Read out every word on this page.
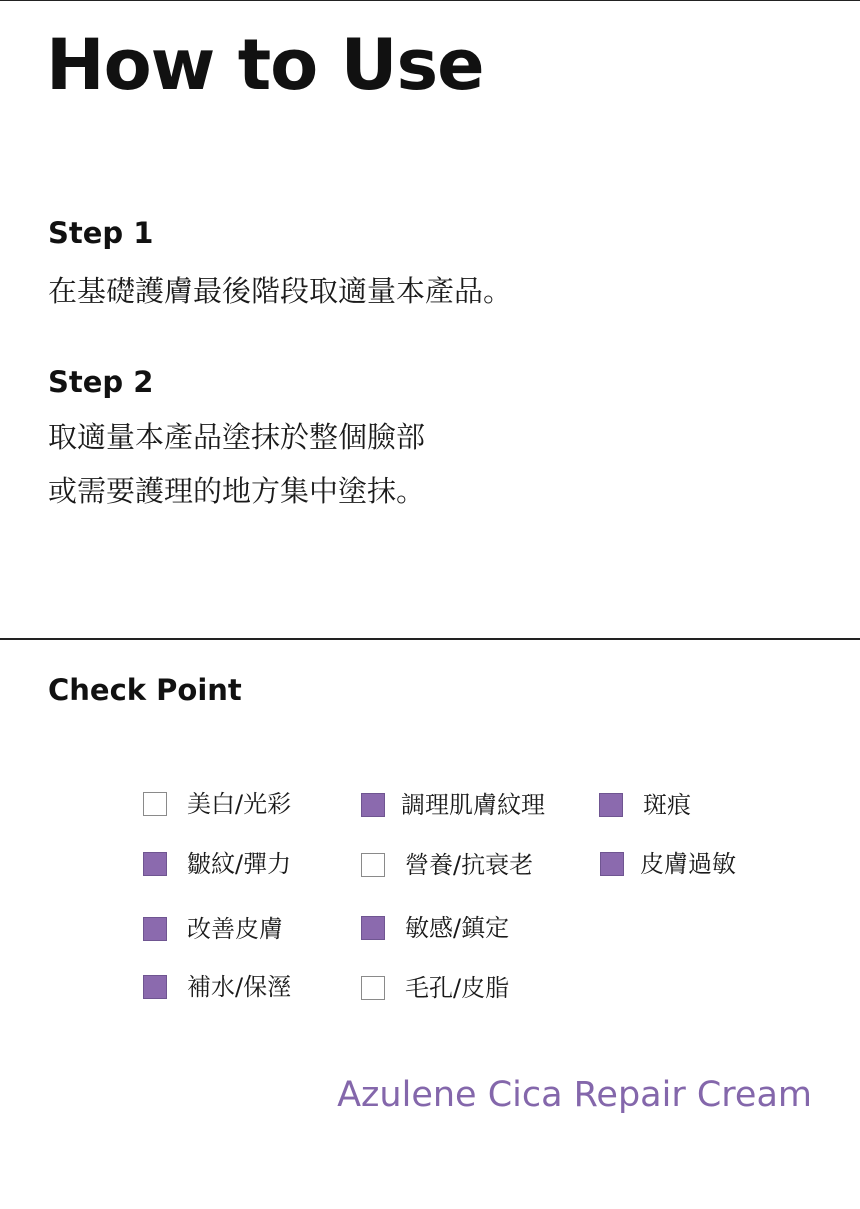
How to Use
Step 1
在基礎護膚最後階段取適量本產品。
Step 2
取適量本產品塗抹於整個臉部
或需要護理的地方集中塗抹。
Check Point
美白/光彩	調理肌膚紋理	斑痕
皺紋/彈力	營養/抗衰老	皮膚過敏
改善皮膚	敏感/鎮定
補水/保溼	毛孔/皮脂
Azulene Cica Repair Cream
